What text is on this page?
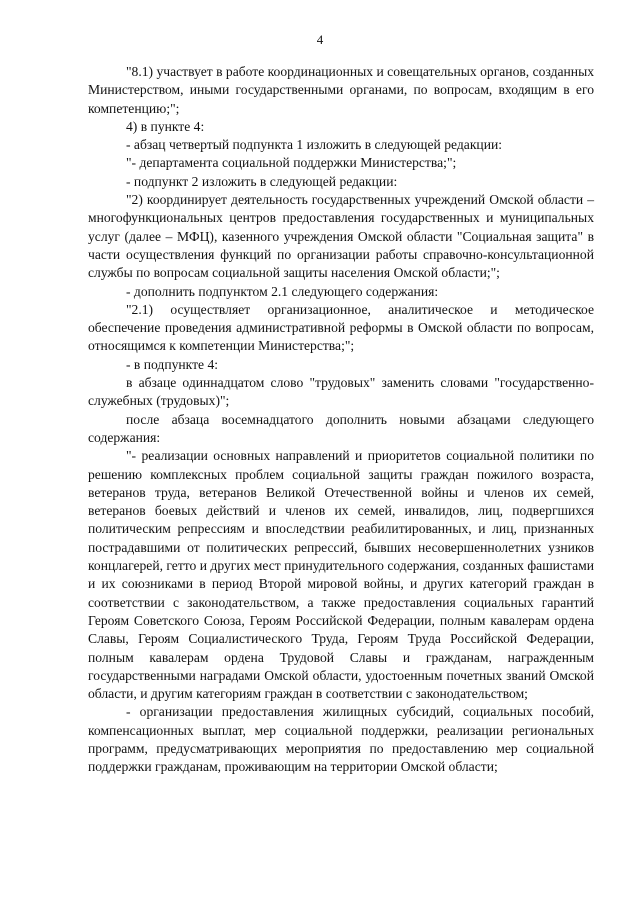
4

"8.1) участвует в работе координационных и совещательных органов, созданных Министерством, иными государственными органами, по вопросам, входящим в его компетенцию;";

4) в пункте 4:

- абзац четвертый подпункта 1 изложить в следующей редакции:

"- департамента социальной поддержки Министерства;";

- подпункт 2 изложить в следующей редакции:

"2) координирует деятельность государственных учреждений Омской области – многофункциональных центров предоставления государственных и муниципальных услуг (далее – МФЦ), казенного учреждения Омской области "Социальная защита" в части осуществления функций по организации работы справочно-консультационной службы по вопросам социальной защиты населения Омской области;";

- дополнить подпунктом 2.1 следующего содержания:

"2.1) осуществляет организационное, аналитическое и методическое обеспечение проведения административной реформы в Омской области по вопросам, относящимся к компетенции Министерства;";

- в подпункте 4:

в абзаце одиннадцатом слово "трудовых" заменить словами "государственно-служебных (трудовых)";

после абзаца восемнадцатого дополнить новыми абзацами следующего содержания:

"- реализации основных направлений и приоритетов социальной политики по решению комплексных проблем социальной защиты граждан пожилого возраста, ветеранов труда, ветеранов Великой Отечественной войны и членов их семей, ветеранов боевых действий и членов их семей, инвалидов, лиц, подвергшихся политическим репрессиям и впоследствии реабилитированных, и лиц, признанных пострадавшими от политических репрессий, бывших несовершеннолетних узников концлагерей, гетто и других мест принудительного содержания, созданных фашистами и их союзниками в период Второй мировой войны, и других категорий граждан в соответствии с законодательством, а также предоставления социальных гарантий Героям Советского Союза, Героям Российской Федерации, полным кавалерам ордена Славы, Героям Социалистического Труда, Героям Труда Российской Федерации, полным кавалерам ордена Трудовой Славы и гражданам, награжденным государственными наградами Омской области, удостоенным почетных званий Омской области, и другим категориям граждан в соответствии с законодательством;

- организации предоставления жилищных субсидий, социальных пособий, компенсационных выплат, мер социальной поддержки, реализации региональных программ, предусматривающих мероприятия по предоставлению мер социальной поддержки гражданам, проживающим на территории Омской области;
